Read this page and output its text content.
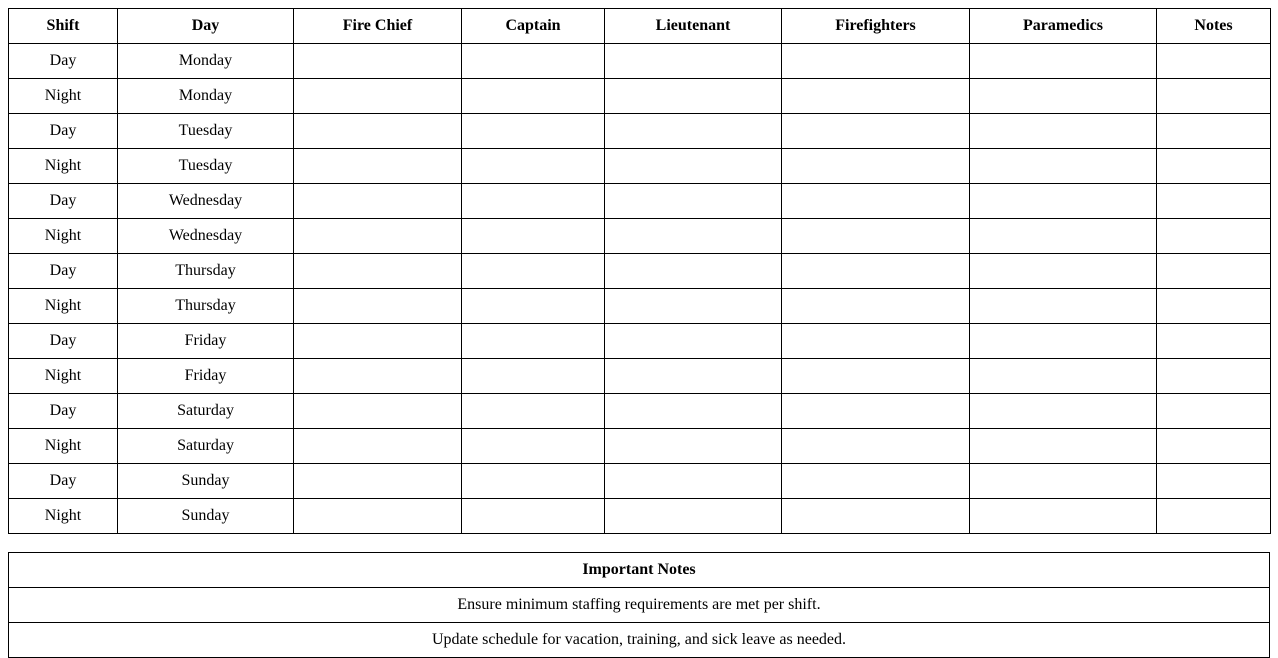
Shift	Day	Fire Chief	Captain	Lieutenant	Firefighters	Paramedics	Notes
Day	Monday						
Night	Monday						
Day	Tuesday						
Night	Tuesday						
Day	Wednesday						
Night	Wednesday						
Day	Thursday						
Night	Thursday						
Day	Friday						
Night	Friday						
Day	Saturday						
Night	Saturday						
Day	Sunday						
Night	Sunday						
Important Notes
Ensure minimum staffing requirements are met per shift.
Update schedule for vacation, training, and sick leave as needed.
